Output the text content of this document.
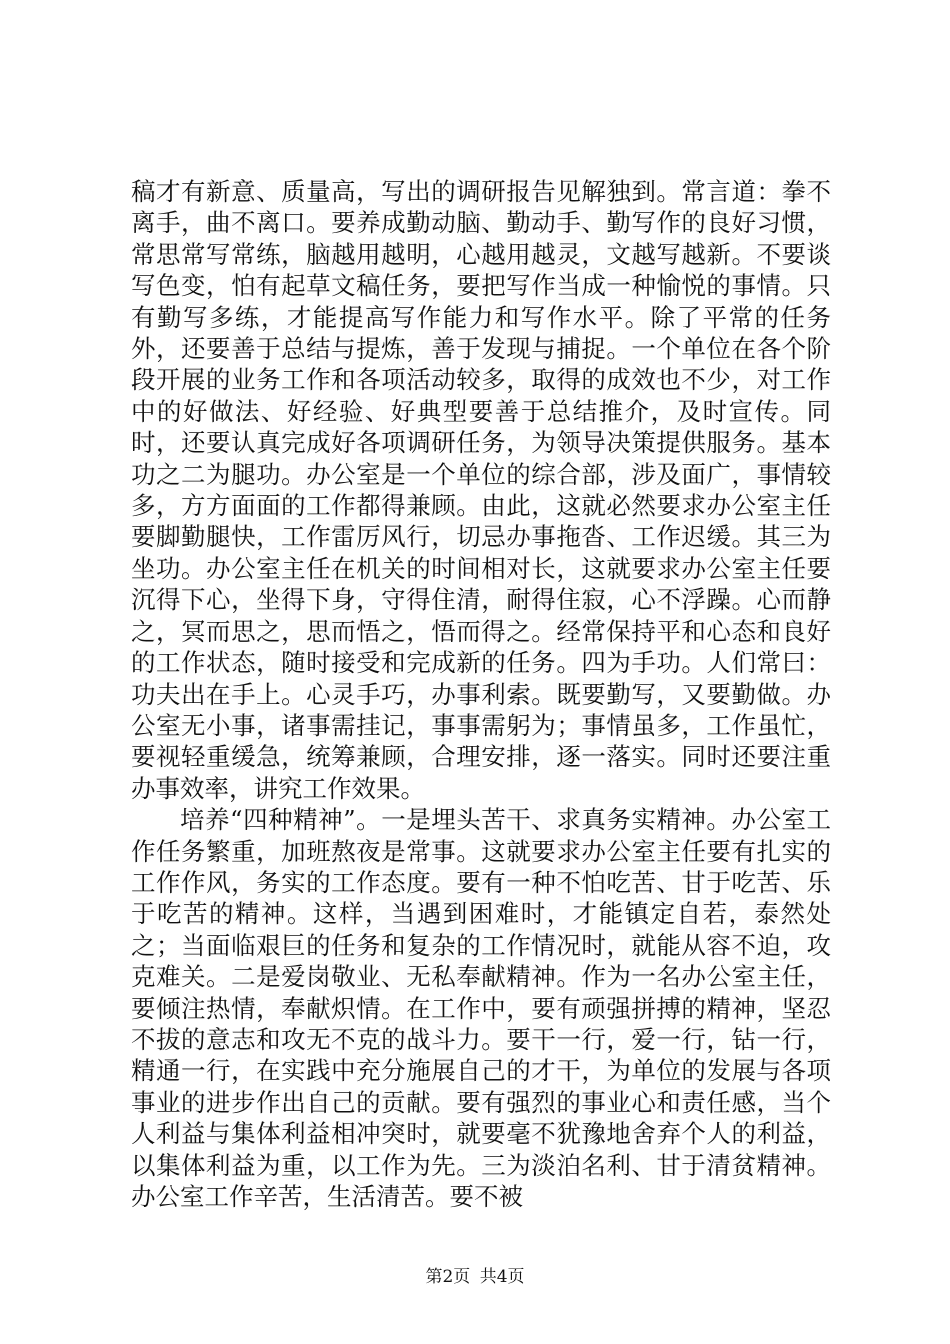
稿才有新意、质量高，写出的调研报告见解独到。常言道：拳不离手，曲不离口。要养成勤动脑、勤动手、勤写作的良好习惯，常思常写常练，脑越用越明，心越用越灵，文越写越新。不要谈写色变，怕有起草文稿任务，要把写作当成一种愉悦的事情。只有勤写多练，才能提高写作能力和写作水平。除了平常的任务外，还要善于总结与提炼，善于发现与捕捉。一个单位在各个阶段开展的业务工作和各项活动较多，取得的成效也不少，对工作中的好做法、好经验、好典型要善于总结推介，及时宣传。同时，还要认真完成好各项调研任务，为领导决策提供服务。基本功之二为腿功。办公室是一个单位的综合部，涉及面广，事情较多，方方面面的工作都得兼顾。由此，这就必然要求办公室主任要脚勤腿快，工作雷厉风行，切忌办事拖沓、工作迟缓。其三为坐功。办公室主任在机关的时间相对长，这就要求办公室主任要沉得下心，坐得下身，守得住清，耐得住寂，心不浮躁。心而静之，冥而思之，思而悟之，悟而得之。经常保持平和心态和良好的工作状态，随时接受和完成新的任务。四为手功。人们常曰：功夫出在手上。心灵手巧，办事利索。既要勤写，又要勤做。办公室无小事，诸事需挂记，事事需躬为；事情虽多，工作虽忙，要视轻重缓急，统筹兼顾，合理安排，逐一落实。同时还要注重办事效率，讲究工作效果。

培养“四种精神”。一是埋头苦干、求真务实精神。办公室工作任务繁重，加班熬夜是常事。这就要求办公室主任要有扎实的工作作风，务实的工作态度。要有一种不怕吃苦、甘于吃苦、乐于吃苦的精神。这样，当遇到困难时，才能镇定自若，泰然处之；当面临艰巨的任务和复杂的工作情况时，就能从容不迫，攻克难关。二是爱岗敬业、无私奉献精神。作为一名办公室主任，要倾注热情，奉献炽情。在工作中，要有顽强拼搏的精神，坚忍不拔的意志和攻无不克的战斗力。要干一行，爱一行，钻一行，精通一行，在实践中充分施展自己的才干，为单位的发展与各项事业的进步作出自己的贡献。要有强烈的事业心和责任感，当个人利益与集体利益相冲突时，就要毫不犹豫地舍弃个人的利益，以集体利益为重，以工作为先。三为淡泊名利、甘于清贫精神。办公室工作辛苦，生活清苦。要不被

第2页 共4页
